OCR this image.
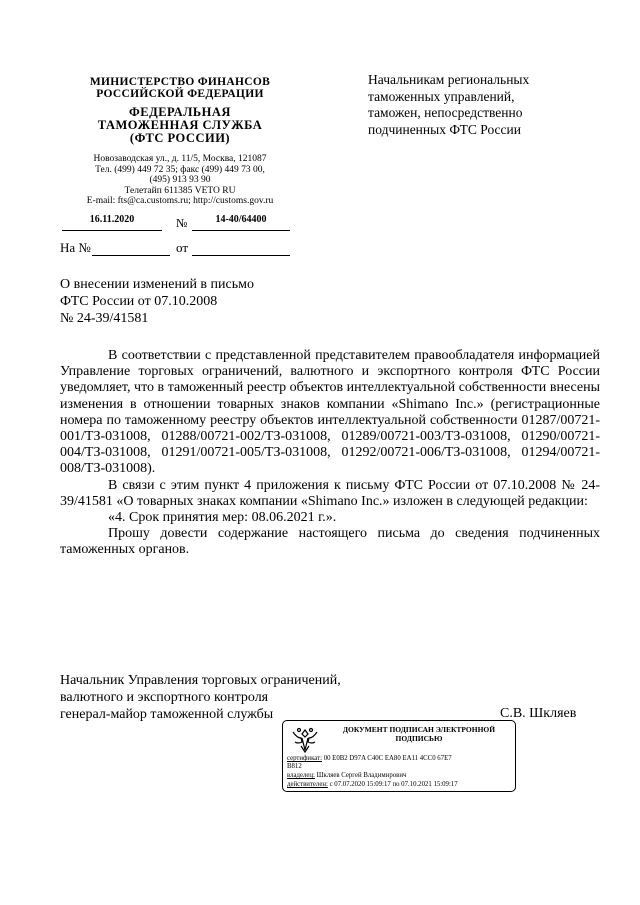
МИНИСТЕРСТВО ФИНАНСОВ
РОССИЙСКОЙ ФЕДЕРАЦИИ
ФЕДЕРАЛЬНАЯ
ТАМОЖЕННАЯ СЛУЖБА
(ФТС РОССИИ)
Новозаводская ул., д. 11/5, Москва, 121087
Тел. (499) 449 72 35; факс (499) 449 73 00,
(495) 913 93 90
Телетайп 611385 VETO RU
E-mail: fts@ca.customs.ru; http://customs.gov.ru
16.11.2020	№	14-40/64400
На №	от
Начальникам региональных
таможенных управлений,
таможен, непосредственно
подчиненных ФТС России
О внесении изменений в письмо
ФТС России от 07.10.2008
№ 24-39/41581

В соответствии с представленной представителем правообладателя информацией Управление торговых ограничений, валютного и экспортного контроля ФТС России уведомляет, что в таможенный реестр объектов интеллектуальной собственности внесены изменения в отношении товарных знаков компании «Shimano Inc.» (регистрационные номера по таможенному реестру объектов интеллектуальной собственности 01287/00721-001/ТЗ-031008, 01288/00721-002/ТЗ-031008, 01289/00721-003/ТЗ-031008, 01290/00721-004/ТЗ-031008, 01291/00721-005/ТЗ-031008, 01292/00721-006/ТЗ-031008, 01294/00721-008/ТЗ-031008).

В связи с этим пункт 4 приложения к письму ФТС России от 07.10.2008 № 24-39/41581 «О товарных знаках компании «Shimano Inc.» изложен в следующей редакции:

«4. Срок принятия мер: 08.06.2021 г.».

Прошу довести содержание настоящего письма до сведения подчиненных таможенных органов.

Начальник Управления торговых ограничений,
валютного и экспортного контроля
генерал-майор таможенной службы	С.В. Шкляев
ДОКУМЕНТ ПОДПИСАН ЭЛЕКТРОННОЙ
ПОДПИСЬЮ
сертификат: 00 E0B2 D97A C40C EA80 EA11 4CC0 67E7
B812
владелец: Шкляев Сергей Владимирович
действителен: с 07.07.2020 15:09:17 по 07.10.2021 15:09:17
